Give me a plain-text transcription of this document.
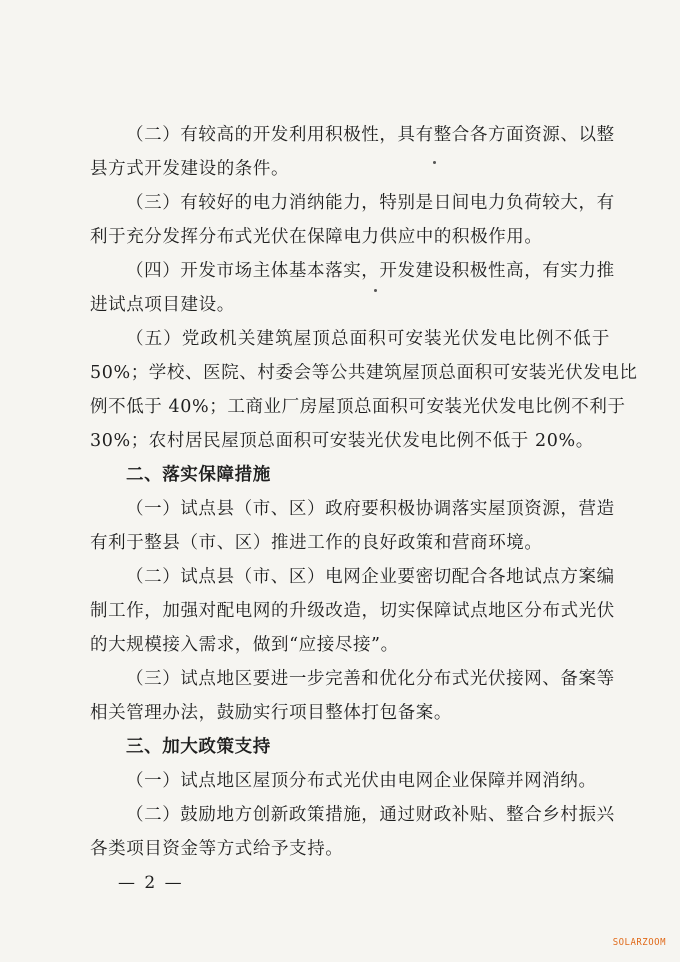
（二）有较高的开发利用积极性，具有整合各方面资源、以整
县方式开发建设的条件。
（三）有较好的电力消纳能力，特别是日间电力负荷较大，有
利于充分发挥分布式光伏在保障电力供应中的积极作用。
（四）开发市场主体基本落实，开发建设积极性高，有实力推
进试点项目建设。
（五）党政机关建筑屋顶总面积可安装光伏发电比例不低于
50%；学校、医院、村委会等公共建筑屋顶总面积可安装光伏发电比
例不低于 40%；工商业厂房屋顶总面积可安装光伏发电比例不利于
30%；农村居民屋顶总面积可安装光伏发电比例不低于 20%。
二、落实保障措施
（一）试点县（市、区）政府要积极协调落实屋顶资源，营造
有利于整县（市、区）推进工作的良好政策和营商环境。
（二）试点县（市、区）电网企业要密切配合各地试点方案编
制工作，加强对配电网的升级改造，切实保障试点地区分布式光伏
的大规模接入需求，做到“应接尽接”。
（三）试点地区要进一步完善和优化分布式光伏接网、备案等
相关管理办法，鼓励实行项目整体打包备案。
三、加大政策支持
（一）试点地区屋顶分布式光伏由电网企业保障并网消纳。
（二）鼓励地方创新政策措施，通过财政补贴、整合乡村振兴
各类项目资金等方式给予支持。
— 2 —
SOLARZOOM
